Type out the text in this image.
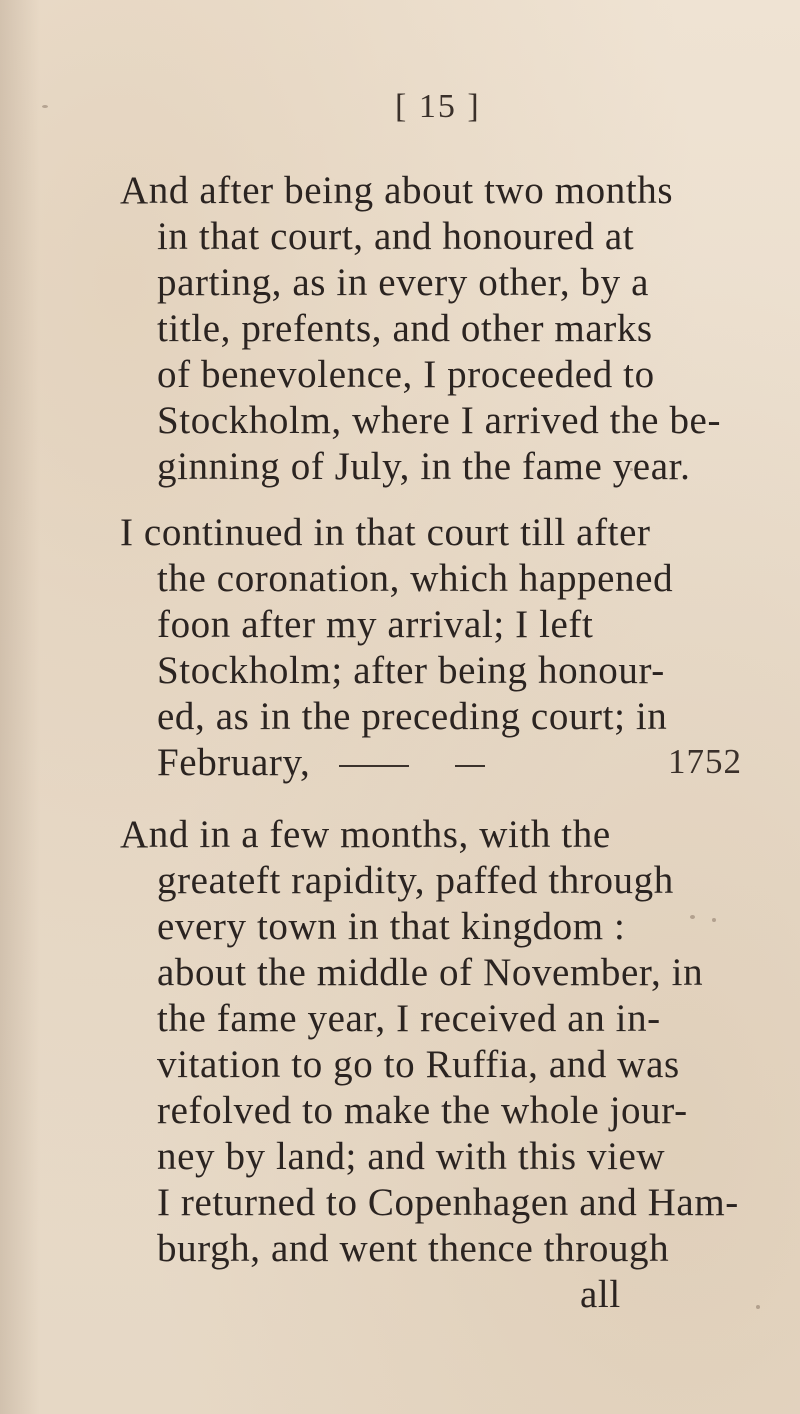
[ 15 ]
And after being about two months
in that court, and honoured at
parting, as in every other, by a
title, prefents, and other marks
of benevolence, I proceeded to
Stockholm, where I arrived the be-
ginning of July, in the fame year.
I continued in that court till after
the coronation, which happened
foon after my arrival; I left
Stockholm; after being honour-
ed, as in the preceding court; in
February,	1752
And in a few months, with the
greateft rapidity, paffed through
every town in that kingdom :
about the middle of November, in
the fame year, I received an in-
vitation to go to Ruffia, and was
refolved to make the whole jour-
ney by land; and with this view
I returned to Copenhagen and Ham-
burgh, and went thence through
all
